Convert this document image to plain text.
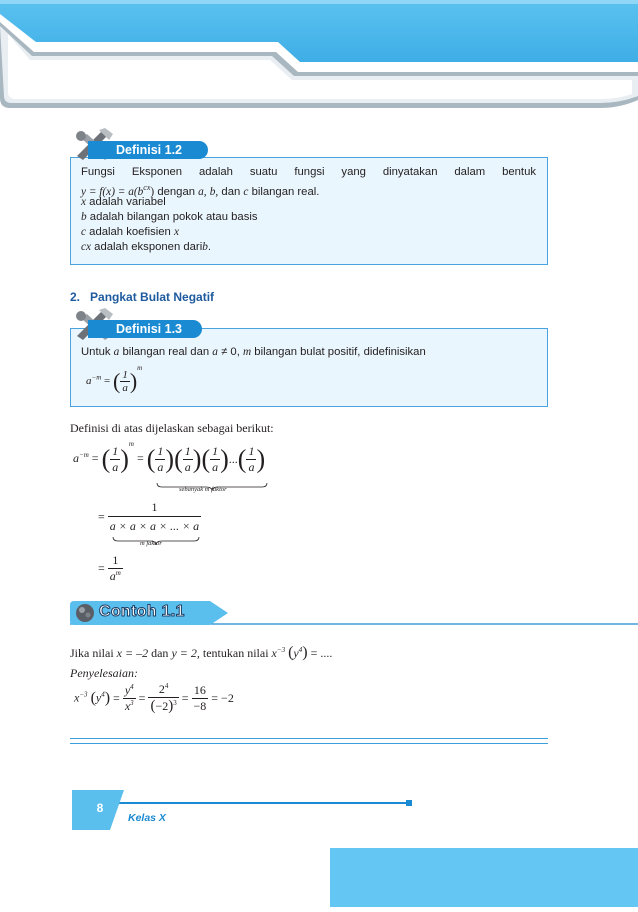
Definisi 1.2
Fungsi Eksponen adalah suatu fungsi yang dinyatakan dalam bentuk
$y = f(x) = a(b^{cx})$ dengan a, b, dan c bilangan real.
x adalah variabel
b adalah bilangan pokok atau basis
c adalah koefisien x
cx adalah eksponen darib.
2. Pangkat Bulat Negatif
Definisi 1.3
Untuk a bilangan real dan a ≠ 0, m bilangan bulat positif, didefinisikan
$a^{-m}$ = ( $\frac{1}{a} )^m$
Definisi di atas dijelaskan sebagai berikut:
$a^{-m}$ = ( $\frac{1}{a} )^m$ = ( $\frac{1}{a}$ )( $\frac{1}{a}$ )( $\frac{1}{a}$ )...( $\frac{1}{a}$ )
sebanyak m faktor
= $\frac{1}{a \times a \times a \times ... \times a}$
m faktor
= $\frac{1}{a^m}$
Contoh 1.1
Jika nilai x = –2 dan y = 2, tentukan nilai $x^{-3}$ $(y^4)$ = ....
Penyelesaian:
$x^{-3}$ $(y^4) = \frac{y^4}{x^3} = \frac{2^4}{(-2)^3} = \frac{16}{-8} = -2$
8
Kelas X
